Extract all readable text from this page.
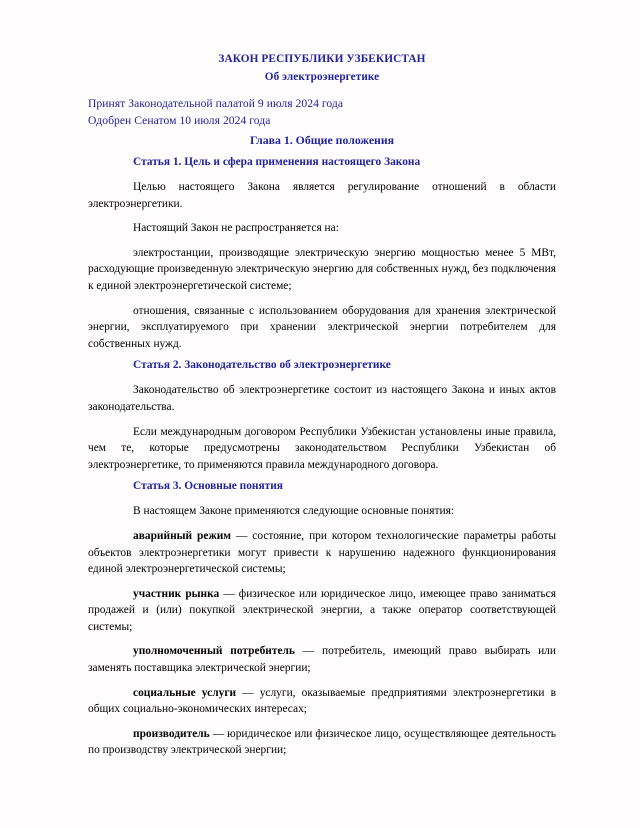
ЗАКОН РЕСПУБЛИКИ УЗБЕКИСТАН
Об электроэнергетике
Принят Законодательной палатой 9 июля 2024 года
Одобрен Сенатом 10 июля 2024 года
Глава 1. Общие положения
Статья 1. Цель и сфера применения настоящего Закона

Целью настоящего Закона является регулирование отношений в области электроэнергетики.

Настоящий Закон не распространяется на:

электростанции, производящие электрическую энергию мощностью менее 5 МВт, расходующие произведенную электрическую энергию для собственных нужд, без подключения к единой электроэнергетической системе;

отношения, связанные с использованием оборудования для хранения электрической энергии, эксплуатируемого при хранении электрической энергии потребителем для собственных нужд.

Статья 2. Законодательство об электроэнергетике

Законодательство об электроэнергетике состоит из настоящего Закона и иных актов законодательства.

Если международным договором Республики Узбекистан установлены иные правила, чем те, которые предусмотрены законодательством Республики Узбекистан об электроэнергетике, то применяются правила международного договора.

Статья 3. Основные понятия

В настоящем Законе применяются следующие основные понятия:

аварийный режим — состояние, при котором технологические параметры работы объектов электроэнергетики могут привести к нарушению надежного функционирования единой электроэнергетической системы;

участник рынка — физическое или юридическое лицо, имеющее право заниматься продажей и (или) покупкой электрической энергии, а также оператор соответствующей системы;

уполномоченный потребитель — потребитель, имеющий право выбирать или заменять поставщика электрической энергии;

социальные услуги — услуги, оказываемые предприятиями электроэнергетики в общих социально-экономических интересах;

производитель — юридическое или физическое лицо, осуществляющее деятельность по производству электрической энергии;
